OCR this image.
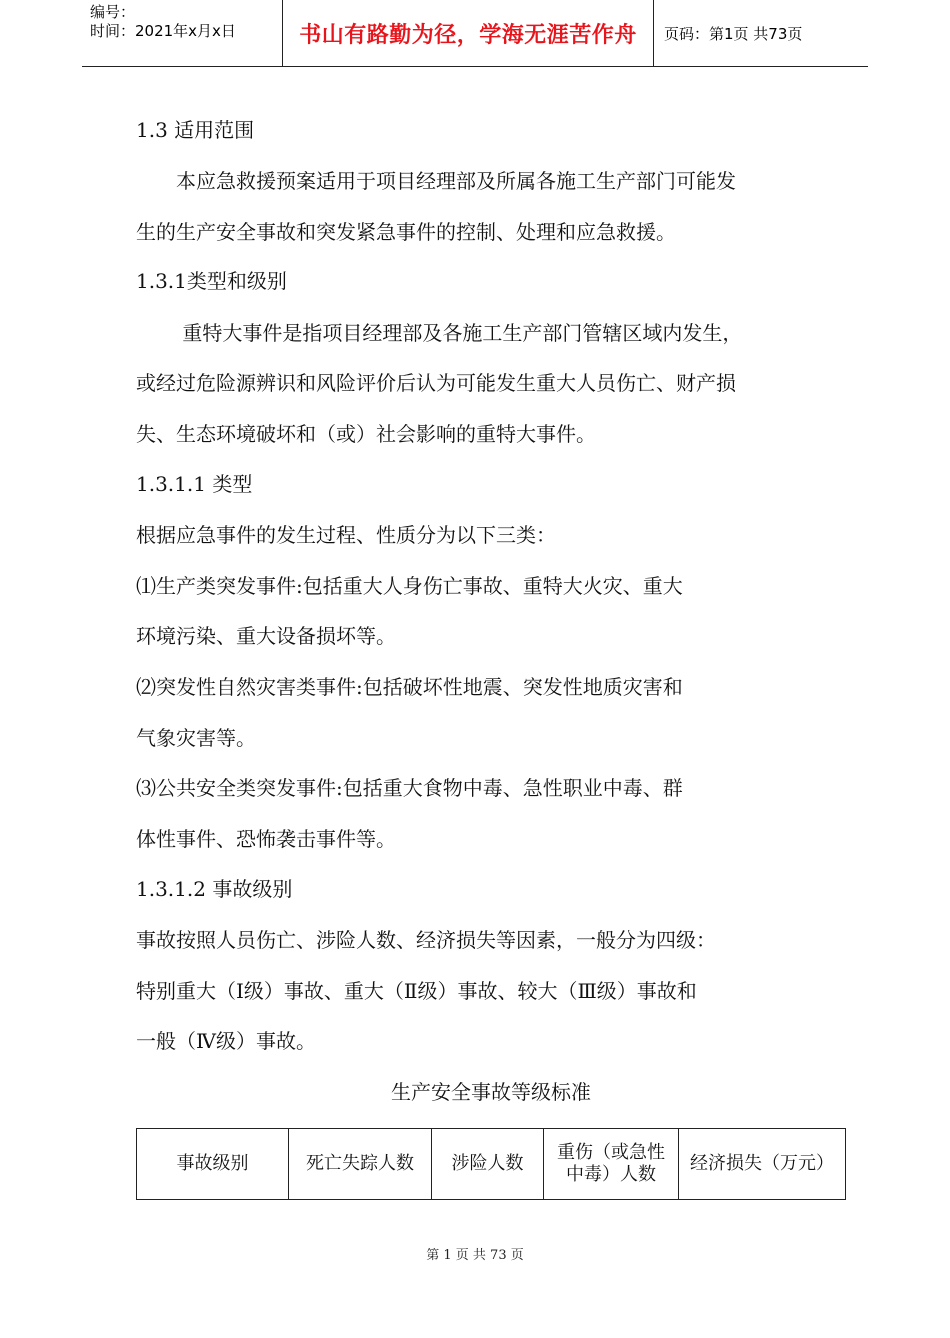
编号：
时间：2021年x月x日	书山有路勤为径，学海无涯苦作舟	页码：第1页 共73页
1.3 适用范围
　　本应急救援预案适用于项目经理部及所属各施工生产部门可能发
生的生产安全事故和突发紧急事件的控制、处理和应急救援。
1.3.1类型和级别
　　 重特大事件是指项目经理部及各施工生产部门管辖区域内发生，
或经过危险源辨识和风险评价后认为可能发生重大人员伤亡、财产损
失、生态环境破坏和（或）社会影响的重特大事件。
1.3.1.1 类型
根据应急事件的发生过程、性质分为以下三类：
⑴生产类突发事件:包括重大人身伤亡事故、重特大火灾、重大
环境污染、重大设备损坏等。
⑵突发性自然灾害类事件:包括破坏性地震、突发性地质灾害和
气象灾害等。
⑶公共安全类突发事件:包括重大食物中毒、急性职业中毒、群
体性事件、恐怖袭击事件等。
1.3.1.2 事故级别
事故按照人员伤亡、涉险人数、经济损失等因素，一般分为四级：
特别重大（Ⅰ级）事故、重大（Ⅱ级）事故、较大（Ⅲ级）事故和
一般（Ⅳ级）事故。
生产安全事故等级标准
事故级别	死亡失踪人数	涉险人数	重伤（或急性中毒）人数	经济损失（万元）
第 1 页 共 73 页
